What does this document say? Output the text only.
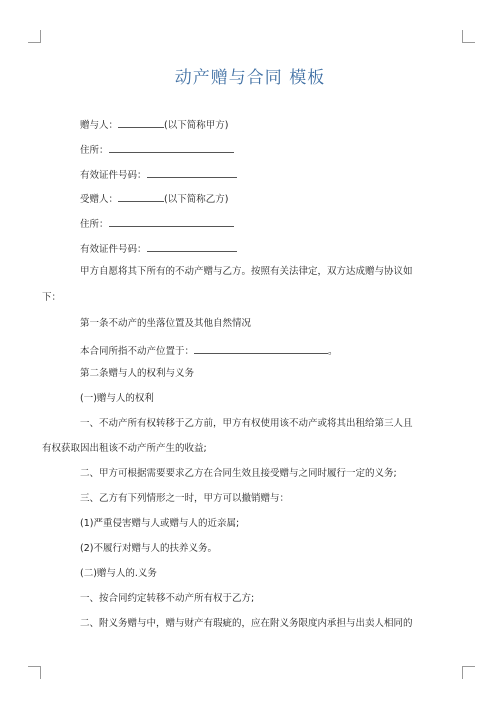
动产赠与合同 模板
赠与人：	(以下简称甲方)
住所：
有效证件号码：
受赠人：	(以下简称乙方)
住所：
有效证件号码：
甲方自愿将其下所有的不动产赠与乙方。按照有关法律定，双方达成赠与协议如
下：
第一条不动产的坐落位置及其他自然情况
本合同所指不动产位置于：	。
第二条赠与人的权利与义务
(一)赠与人的权利
一、不动产所有权转移于乙方前，甲方有权使用该不动产或将其出租给第三人且
有权获取因出租该不动产所产生的收益;
二、甲方可根据需要要求乙方在合同生效且接受赠与之同时履行一定的义务;
三、乙方有下列情形之一时，甲方可以撤销赠与：
(1)严重侵害赠与人或赠与人的近亲属;
(2)不履行对赠与人的扶养义务。
(二)赠与人的.义务
一、按合同约定转移不动产所有权于乙方;
二、附义务赠与中，赠与财产有瑕疵的，应在附义务限度内承担与出卖人相同的
